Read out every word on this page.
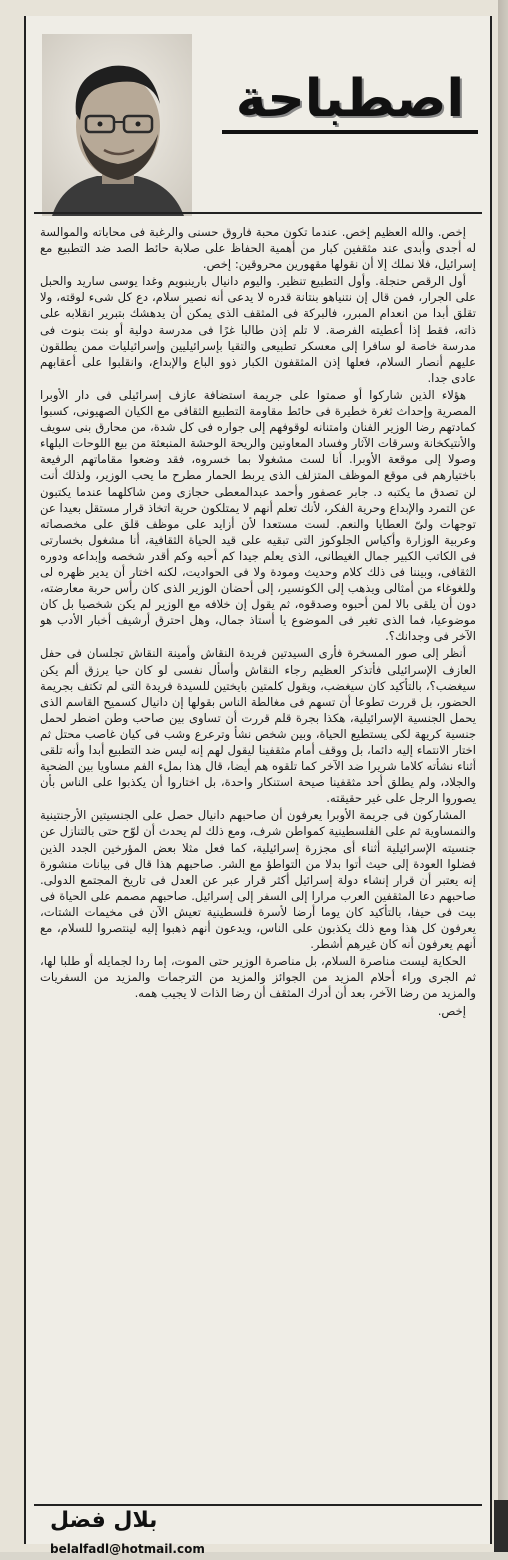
اصطباحة

إخص. والله العظيم إخص. عندما تكون محبة فاروق حسنى والرغبة فى محاباته والموالسة له أجدى وأبدى عند مثقفين كبار من أهمية الحفاظ على صلابة حائط الصد ضد التطبيع مع إسرائيل، فلا نملك إلا أن نقولها مقهورين محروقين: إخص.

أول الرقص حنجلة. وأول التطبيع تنظير. واليوم دانيال بارينبويم وغدا يوسى ساريد والحبل على الجرار، فمن قال إن نتنياهو بنتانة قدره لا يدعى أنه نصير سلام، دع كل شىء لوقته، ولا تقلق أبدا من انعدام المبرر، فالبركة فى المثقف الذى يمكن أن يدهشك بتبرير انقلابه على ذاته، فقط إذا أعطيته الفرصة. لا تلم إذن طالبا غرًا فى مدرسة دولية أو بنت بنوت فى مدرسة خاصة لو سافرا إلى معسكر تطبيعى والتقيا بإسرائيليين وإسرائيليات ممن يطلقون عليهم أنصار السلام، فعلها إذن المثقفون الكبار ذوو الباع والإبداع، وانقلبوا على أعقابهم عادى جدا.

هؤلاء الذين شاركوا أو صمتوا على جريمة استضافة عازف إسرائيلى فى دار الأوبرا المصرية وإحداث ثغرة خطيرة فى حائط مقاومة التطبيع الثقافى مع الكيان الصهيونى، كسبوا كمادتهم رضا الوزير الفنان وامتنانه لوقوفهم إلى جواره فى كل شدة، من محارق بنى سويف والأنتيكخانة وسرقات الآثار وفساد المعاونين والريحة الوحشة المنبعثة من بيع اللوحات البلهاء وصولا إلى موقعة الأوبرا. أنا لست مشغولا بما خسروه، فقد وضعوا مقاماتهم الرفيعة باختيارهم فى موقع الموظف المتزلف الذى يربط الحمار مطرح ما يحب الوزير، ولذلك أنت لن تصدق ما يكتبه د. جابر عصفور وأحمد عبدالمعطى حجازى ومن شاكلهما عندما يكتبون عن التمرد والإبداع وحرية الفكر، لأنك تعلم أنهم لا يمتلكون حرية اتخاذ قرار مستقل بعيدا عن توجهات ولىّ العطايا والنعم. لست مستعدا لأن أزايد على موظف قلق على مخصصاته وعربية الوزارة وأكياس الجلوكوز التى تبقيه على قيد الحياة الثقافية، أنا مشغول بخسارتى فى الكاتب الكبير جمال الغيطانى، الذى يعلم جيدا كم أحبه وكم أقدر شخصه وإبداعه ودوره الثقافى، وبيننا فى ذلك كلام وحديث ومودة ولا فى الحواديت، لكنه اختار أن يدير ظهره لى وللغوغاء من أمثالى ويذهب إلى الكونسير، إلى أحضان الوزير الذى كان رأس حربة معارضته، دون أن يلقى بالا لمن أحبوه وصدقوه، ثم يقول إن خلافه مع الوزير لم يكن شخصيا بل كان موضوعيا، فما الذى تغير فى الموضوع يا أستاذ جمال، وهل احترق أرشيف أخبار الأدب هو الآخر فى وجدانك؟.

أنظر إلى صور المسخرة فأرى السيدتين فريدة النقاش وأمينة النقاش تجلسان فى حفل العازف الإسرائيلى فأتذكر العظيم رجاء النقاش وأسأل نفسى لو كان حيا يرزق ألم يكن سيغضب؟، بالتأكيد كان سيغضب، ويقول كلمتين بايختين للسيدة فريدة التى لم تكتف بجريمة الحضور، بل قررت تطوعا أن تسهم فى مغالطة الناس بقولها إن دانيال كسميح القاسم الذى يحمل الجنسية الإسرائيلية، هكذا بجرة قلم قررت أن تساوى بين صاحب وطن اضطر لحمل جنسية كريهة لكى يستطيع الحياة، وبين شخص نشأ وترعرع وشب فى كيان غاصب محتل ثم اختار الانتماء إليه دائما، بل ووقف أمام مثقفينا ليقول لهم إنه ليس ضد التطبيع أبدا وأنه تلقى أثناء نشأته كلاما شريرا ضد الآخر كما تلقوه هم أيضا، قال هذا بملء الفم مساويا بين الضحية والجلاد، ولم يطلق أحد مثقفينا صيحة استنكار واحدة، بل اختاروا أن يكذبوا على الناس بأن يصوروا الرجل على غير حقيقته.

المشاركون فى جريمة الأوبرا يعرفون أن صاحبهم دانيال حصل على الجنسيتين الأرجنتينية والنمساوية ثم على الفلسطينية كمواطن شرف، ومع ذلك لم يحدث أن لوّح حتى بالتنازل عن جنسيته الإسرائيلية أثناء أى مجزرة إسرائيلية، كما فعل مثلا بعض المؤرخين الجدد الذين فضلوا العودة إلى حيث أتوا بدلا من التواطؤ مع الشر. صاحبهم هذا قال فى بيانات منشورة إنه يعتبر أن قرار إنشاء دولة إسرائيل أكثر قرار عبر عن العدل فى تاريخ المجتمع الدولى. صاحبهم دعا المثقفين العرب مرارا إلى السفر إلى إسرائيل. صاحبهم مصمم على الحياة فى بيت فى حيفا، بالتأكيد كان يوما أرضا لأسرة فلسطينية تعيش الآن فى مخيمات الشتات، يعرفون كل هذا ومع ذلك يكذبون على الناس، ويدعون أنهم ذهبوا إليه لينتصروا للسلام، مع أنهم يعرفون أنه كان غيرهم أشطر.

الحكاية ليست مناصرة السلام، بل مناصرة الوزير حتى الموت، إما ردا لجمايله أو طلبا لها، ثم الجرى وراء أحلام المزيد من الجوائز والمزيد من الترجمات والمزيد من السفريات والمزيد من رضا الآخر، بعد أن أدرك المثقف أن رضا الذات لا يجيب همه.

إخص.

بلال فضل
belalfadl@hotmail.com
